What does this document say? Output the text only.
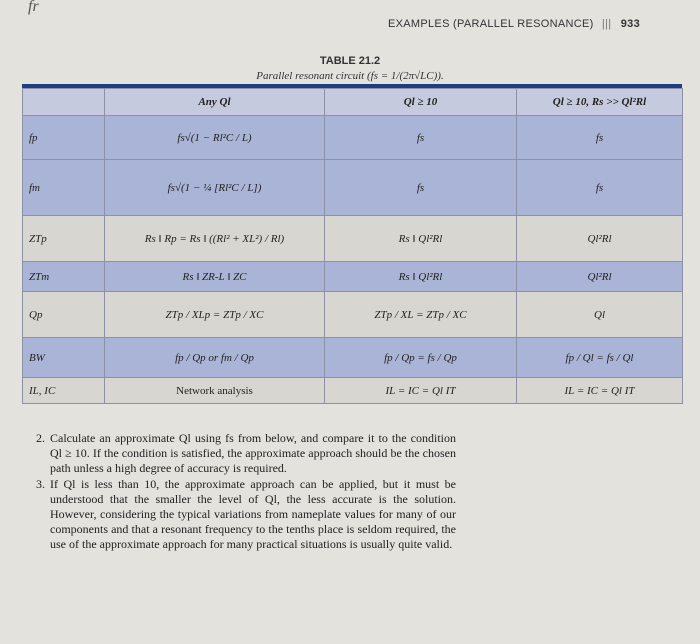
fr
EXAMPLES (PARALLEL RESONANCE) ||| 933
TABLE 21.2
Parallel resonant circuit (fs = 1/(2π√LC)).
	Any Ql	Ql ≥ 10	Ql ≥ 10, Rs >> Ql²Rl
fp	fs√(1 − Rl²C / L)	fs	fs
fm	fs√(1 − ¼ [Rl²C / L])	fs	fs
ZTp	Rs ‖ Rp = Rs ‖ ((Rl² + XL²) / Rl)	Rs ‖ Ql²Rl	Ql²Rl
ZTm	Rs ‖ ZR-L ‖ ZC	Rs ‖ Ql²Rl	Ql²Rl
Qp	ZTp / XLp = ZTp / XC	ZTp / XL = ZTp / XC	Ql
BW	fp / Qp or fm / Qp	fp / Qp = fs / Qp	fp / Ql = fs / Ql
IL, IC	Network analysis	IL = IC = Ql IT	IL = IC = Ql IT
2. Calculate an approximate Ql using fs from below, and compare it to the condition Ql ≥ 10. If the condition is satisfied, the approximate approach should be the chosen path unless a high degree of accuracy is required.
3. If Ql is less than 10, the approximate approach can be applied, but it must be understood that the smaller the level of Ql, the less accurate is the solution. However, considering the typical variations from nameplate values for many of our components and that a resonant frequency to the tenths place is seldom required, the use of the approximate approach for many practical situations is usually quite valid.
